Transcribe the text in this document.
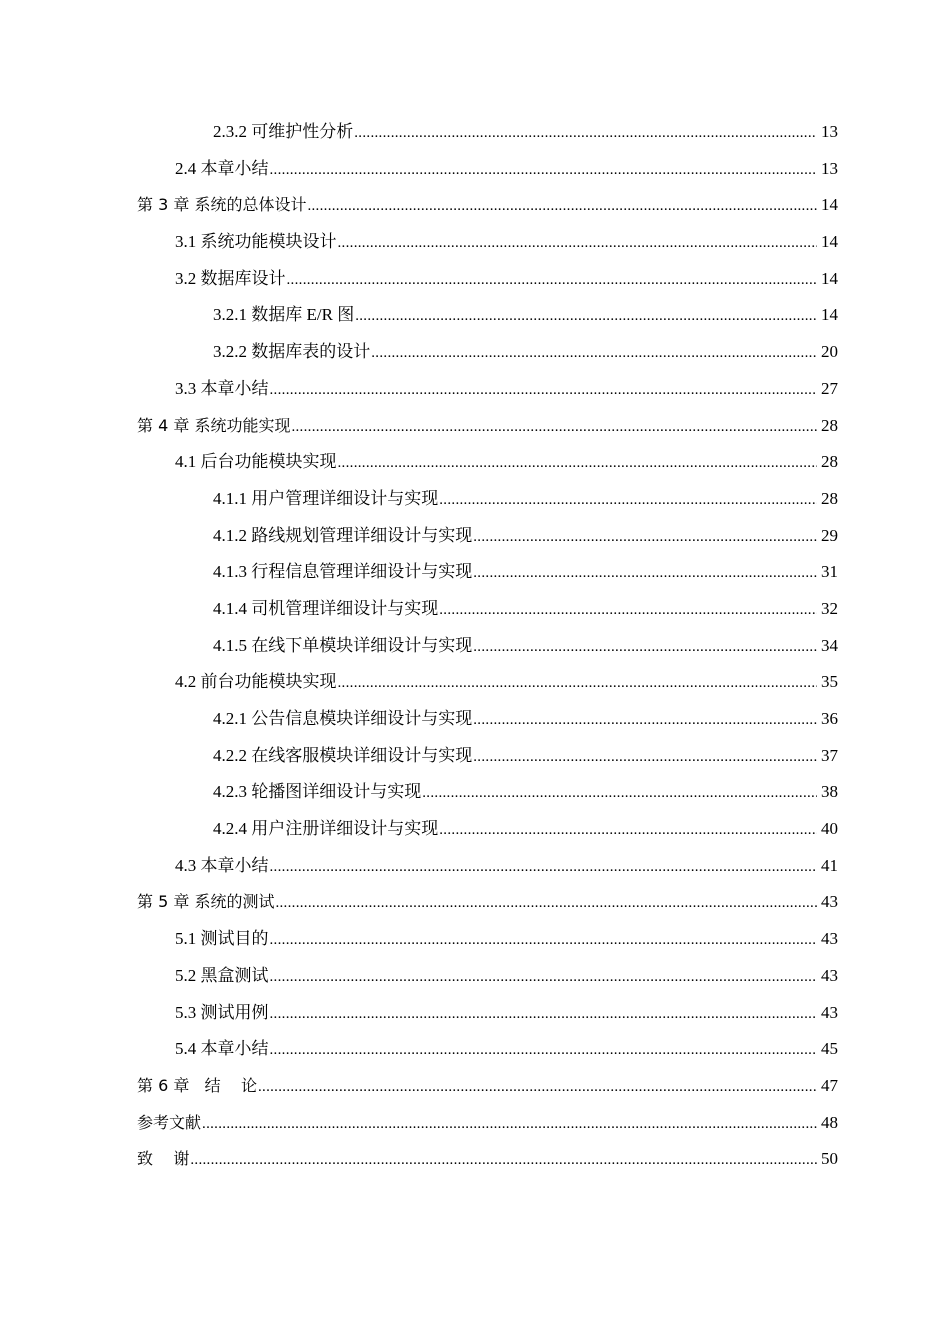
2.3.2 可维护性分析 .....	13
2.4 本章小结 .....	13
第 3 章 系统的总体设计 .....	14
3.1 系统功能模块设计 .....	14
3.2 数据库设计 .....	14
3.2.1 数据库 E/R 图 .....	14
3.2.2 数据库表的设计 .....	20
3.3 本章小结 .....	27
第 4 章 系统功能实现 .....	28
4.1 后台功能模块实现 .....	28
4.1.1 用户管理详细设计与实现 .....	28
4.1.2 路线规划管理详细设计与实现 .....	29
4.1.3 行程信息管理详细设计与实现 .....	31
4.1.4 司机管理详细设计与实现 .....	32
4.1.5 在线下单模块详细设计与实现 .....	34
4.2 前台功能模块实现 .....	35
4.2.1 公告信息模块详细设计与实现 .....	36
4.2.2 在线客服模块详细设计与实现 .....	37
4.2.3 轮播图详细设计与实现 .....	38
4.2.4 用户注册详细设计与实现 .....	40
4.3 本章小结 .....	41
第 5 章 系统的测试 .....	43
5.1 测试目的 .....	43
5.2 黑盒测试 .....	43
5.3 测试用例 .....	43
5.4 本章小结 .....	45
第 6 章   结    论 .....	47
参考文献 .....	48
致    谢 .....	50
